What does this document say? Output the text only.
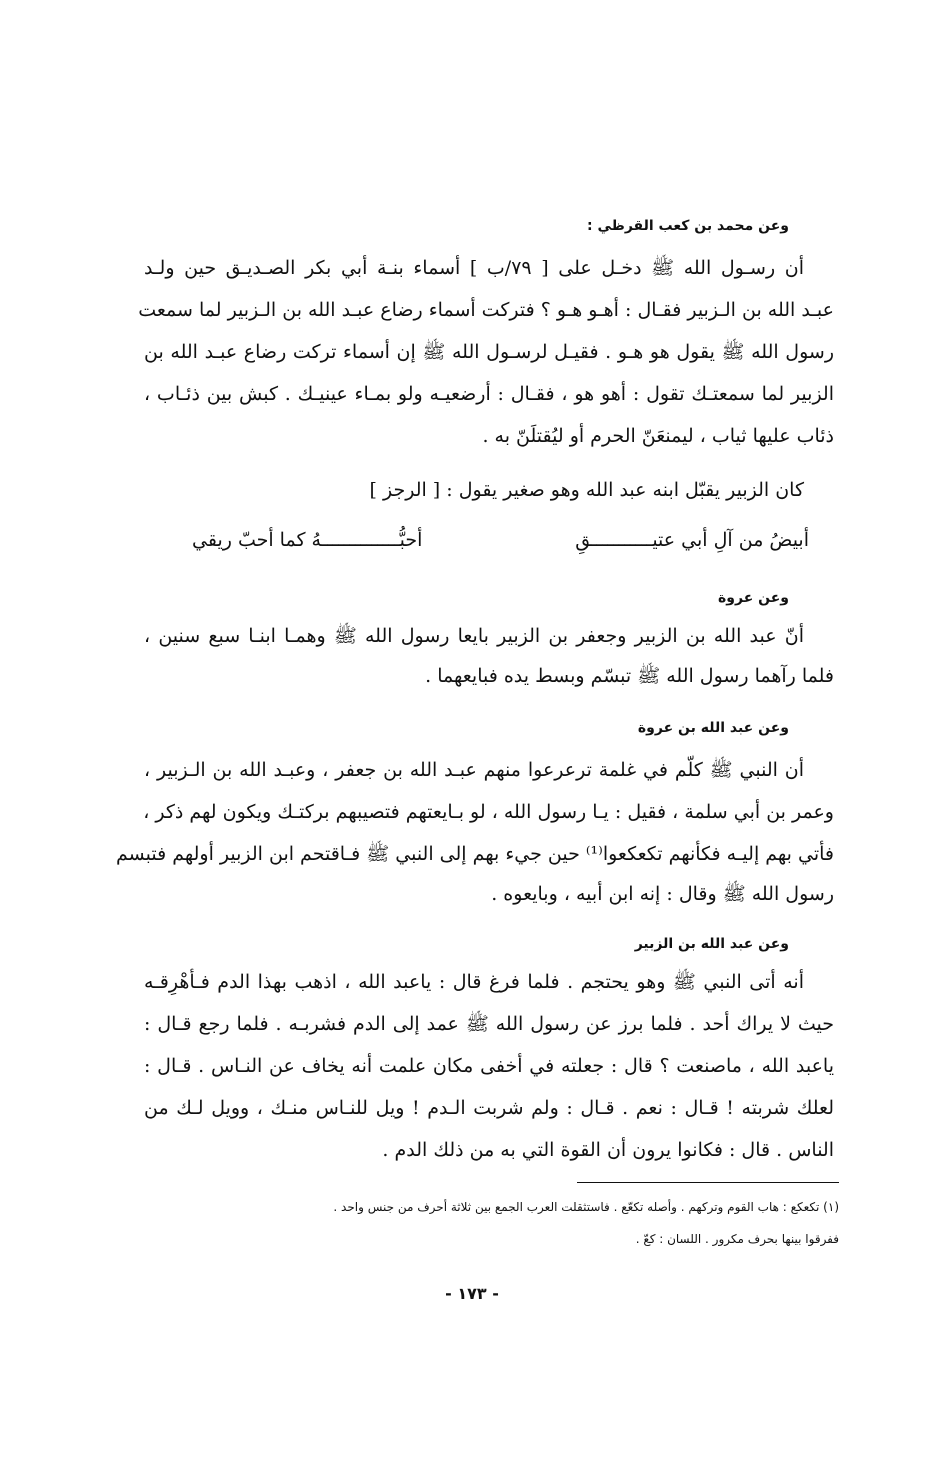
وعن محمد بن كعب القرظي :
أن رسـول الله ﷺ دخـل على [ ٧٩/ب ] أسماء بنـة أبي بكر الصـديـق حين ولـد
عبـد الله بن الـزبير فقـال : أهـو هـو ؟ فتركت أسماء رضاع عبـد الله بن الـزبير لما سمعت
رسول الله ﷺ يقول هو هـو . فقيـل لرسـول الله ﷺ إن أسماء تركت رضاع عبـد الله بن
الزبير لما سمعتـك تقول : أهو هو ، فقـال : أرضعيـه ولو بمـاء عينيـك . كبش بين ذئـاب ،
ذئاب عليها ثياب ، ليمنعَنّ الحرم أو ليُقتلَنّ به .
كان الزبير يقبّل ابنه عبد الله وهو صغير يقول : [ الرجز ]
أبيضُ من آلِ أبي عتيـــــــــــقِ
أحبُّــــــــــــــهُ كما أحبّ ريقي
وعن عروة
أنّ عبد الله بن الزبير وجعفر بن الزبير بايعا رسول الله ﷺ وهمـا ابنـا سبع سنين ،
فلما رآهما رسول الله ﷺ تبسّم وبسط يده فبايعهما .
وعن عبد الله بن عروة
أن النبي ﷺ كلّم في غلمة ترعرعوا منهم عبـد الله بن جعفر ، وعبـد الله بن الـزبير ،
وعمر بن أبي سلمة ، فقيل : يـا رسول الله ، لو بـايعتهم فتصيبهم بركتـك ويكون لهم ذكر ،
فأتي بهم إليـه فكأنهم تكعكعوا⁽¹⁾ حين جيء بهم إلى النبي ﷺ فـاقتحم ابن الزبير أولهم فتبسم
رسول الله ﷺ وقال : إنه ابن أبيه ، وبايعوه .
وعن عبد الله بن الزبير
أنه أتى النبي ﷺ وهو يحتجم . فلما فرغ قال : ياعبد الله ، اذهب بهذا الدم فـأهْرِقـه
حيث لا يراك أحد . فلما برز عن رسول الله ﷺ عمد إلى الدم فشربـه . فلما رجع قـال :
ياعبد الله ، ماصنعت ؟ قال : جعلته في أخفى مكان علمت أنه يخاف عن النـاس . قـال :
لعلك شربته ! قـال : نعم . قـال : ولم شربت الـدم ! ويل للنـاس منـك ، وويل لـك من
الناس . قال : فكانوا يرون أن القوة التي به من ذلك الدم .
(١) تكعكع : هاب القوم وتركهم . وأصله تكعّع . فاستثقلت العرب الجمع بين ثلاثة أحرف من جنس واحد .
ففرقوا بينها بحرف مكرور . اللسان : كعّ .
- ١٧٣ -
